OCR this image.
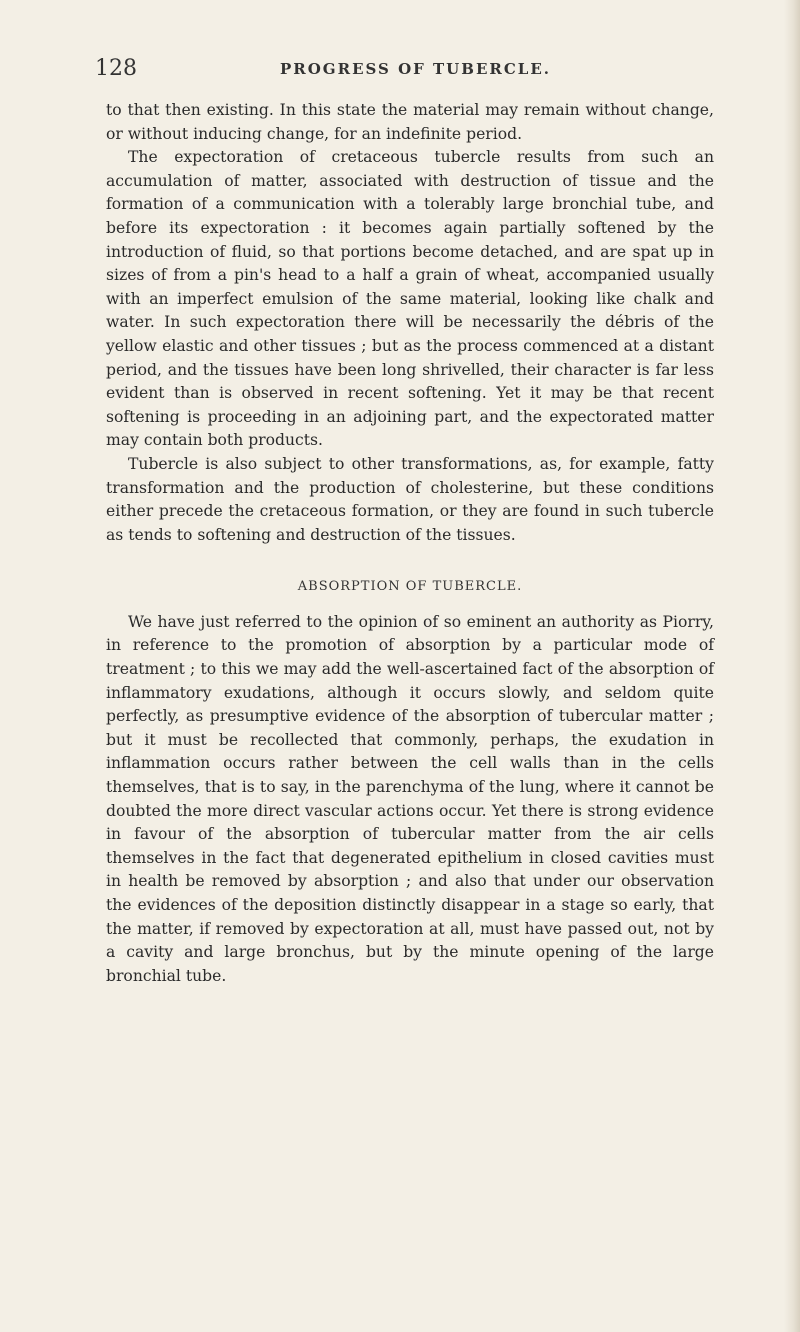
128	PROGRESS OF TUBERCLE.

to that then existing. In this state the material may remain without change, or without inducing change, for an indefinite period.

The expectoration of cretaceous tubercle results from such an accumulation of matter, associated with destruction of tissue and the formation of a communication with a tolerably large bronchial tube, and before its expectoration : it becomes again partially softened by the introduction of fluid, so that portions become detached, and are spat up in sizes of from a pin's head to a half a grain of wheat, accompanied usually with an imperfect emulsion of the same material, looking like chalk and water. In such expectoration there will be necessarily the débris of the yellow elastic and other tissues ; but as the process commenced at a distant period, and the tissues have been long shrivelled, their character is far less evident than is observed in recent softening. Yet it may be that recent softening is proceeding in an adjoining part, and the expectorated matter may contain both products.

Tubercle is also subject to other transformations, as, for example, fatty transformation and the production of cholesterine, but these conditions either precede the cretaceous formation, or they are found in such tubercle as tends to softening and destruction of the tissues.

ABSORPTION OF TUBERCLE.

We have just referred to the opinion of so eminent an authority as Piorry, in reference to the promotion of absorption by a particular mode of treatment ; to this we may add the well-ascertained fact of the absorption of inflammatory exudations, although it occurs slowly, and seldom quite perfectly, as presumptive evidence of the absorption of tubercular matter ; but it must be recollected that commonly, perhaps, the exudation in inflammation occurs rather between the cell walls than in the cells themselves, that is to say, in the parenchyma of the lung, where it cannot be doubted the more direct vascular actions occur. Yet there is strong evidence in favour of the absorption of tubercular matter from the air cells themselves in the fact that degenerated epithelium in closed cavities must in health be removed by absorption ; and also that under our observation the evidences of the deposition distinctly disappear in a stage so early, that the matter, if removed by expectoration at all, must have passed out, not by a cavity and large bronchus, but by the minute opening of the large bronchial tube.
